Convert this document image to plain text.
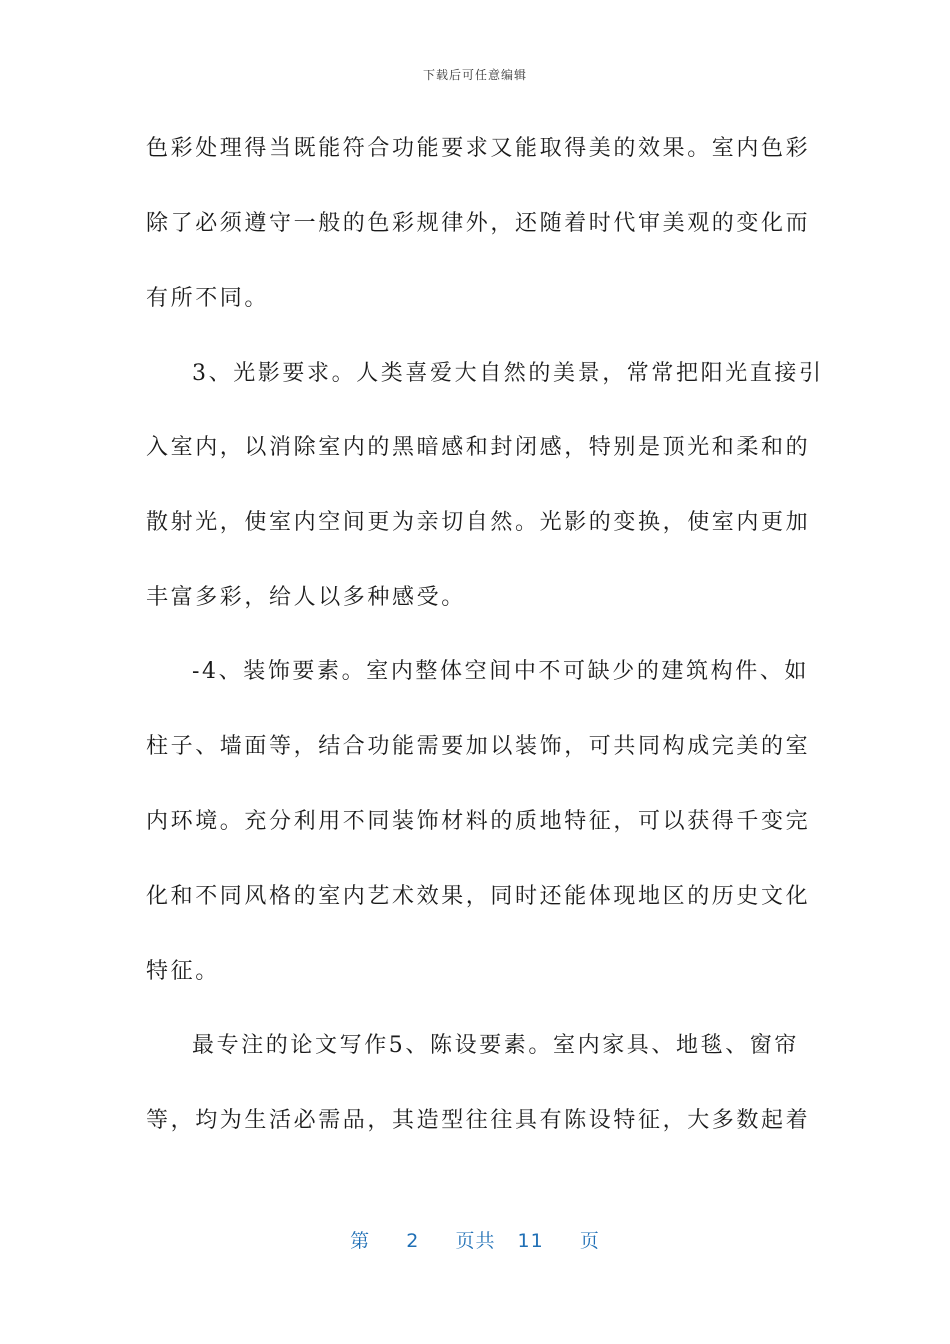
下载后可任意编辑
色彩处理得当既能符合功能要求又能取得美的效果。室内色彩
除了必须遵守一般的色彩规律外，还随着时代审美观的变化而
有所不同。
3、光影要求。人类喜爱大自然的美景，常常把阳光直接引
入室内，以消除室内的黑暗感和封闭感，特别是顶光和柔和的
散射光，使室内空间更为亲切自然。光影的变换，使室内更加
丰富多彩，给人以多种感受。
-4、装饰要素。室内整体空间中不可缺少的建筑构件、如
柱子、墙面等，结合功能需要加以装饰，可共同构成完美的室
内环境。充分利用不同装饰材料的质地特征，可以获得千变完
化和不同风格的室内艺术效果，同时还能体现地区的历史文化
特征。
最专注的论文写作5、陈设要素。室内家具、地毯、窗帘
等，均为生活必需品，其造型往往具有陈设特征，大多数起着
第 2 页共 11 页
